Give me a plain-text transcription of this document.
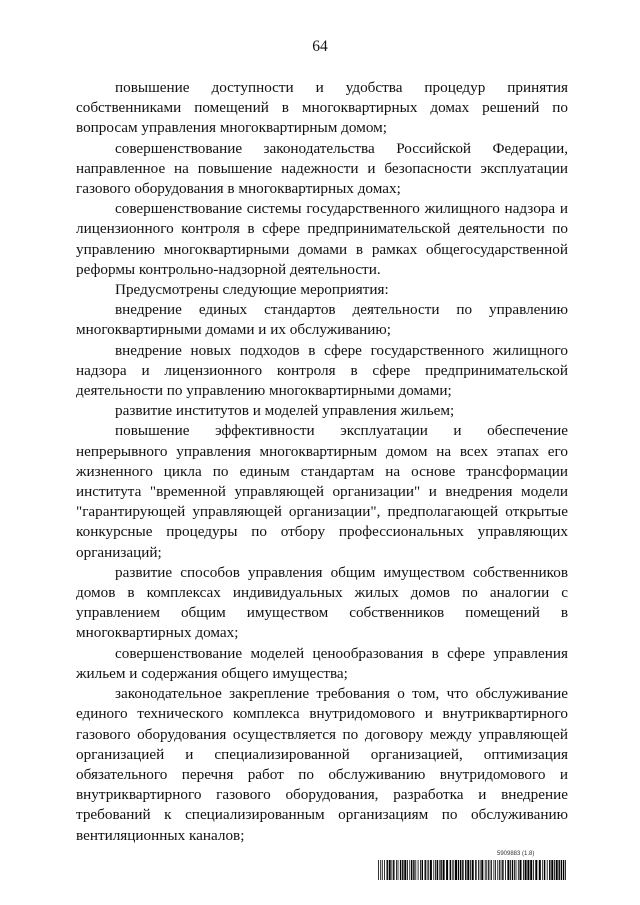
64

повышение доступности и удобства процедур принятия собственниками помещений в многоквартирных домах решений по вопросам управления многоквартирным домом;

совершенствование законодательства Российской Федерации, направленное на повышение надежности и безопасности эксплуатации газового оборудования в многоквартирных домах;

совершенствование системы государственного жилищного надзора и лицензионного контроля в сфере предпринимательской деятельности по управлению многоквартирными домами в рамках общегосударственной реформы контрольно-надзорной деятельности.

Предусмотрены следующие мероприятия:

внедрение единых стандартов деятельности по управлению многоквартирными домами и их обслуживанию;

внедрение новых подходов в сфере государственного жилищного надзора и лицензионного контроля в сфере предпринимательской деятельности по управлению многоквартирными домами;

развитие институтов и моделей управления жильем;

повышение эффективности эксплуатации и обеспечение непрерывного управления многоквартирным домом на всех этапах его жизненного цикла по единым стандартам на основе трансформации института "временной управляющей организации" и внедрения модели "гарантирующей управляющей организации", предполагающей открытые конкурсные процедуры по отбору профессиональных управляющих организаций;

развитие способов управления общим имуществом собственников домов в комплексах индивидуальных жилых домов по аналогии с управлением общим имуществом собственников помещений в многоквартирных домах;

совершенствование моделей ценообразования в сфере управления жильем и содержания общего имущества;

законодательное закрепление требования о том, что обслуживание единого технического комплекса внутридомового и внутриквартирного газового оборудования осуществляется по договору между управляющей организацией и специализированной организацией, оптимизация обязательного перечня работ по обслуживанию внутридомового и внутриквартирного газового оборудования, разработка и внедрение требований к специализированным организациям по обслуживанию вентиляционных каналов;

5909883 (1.8)
